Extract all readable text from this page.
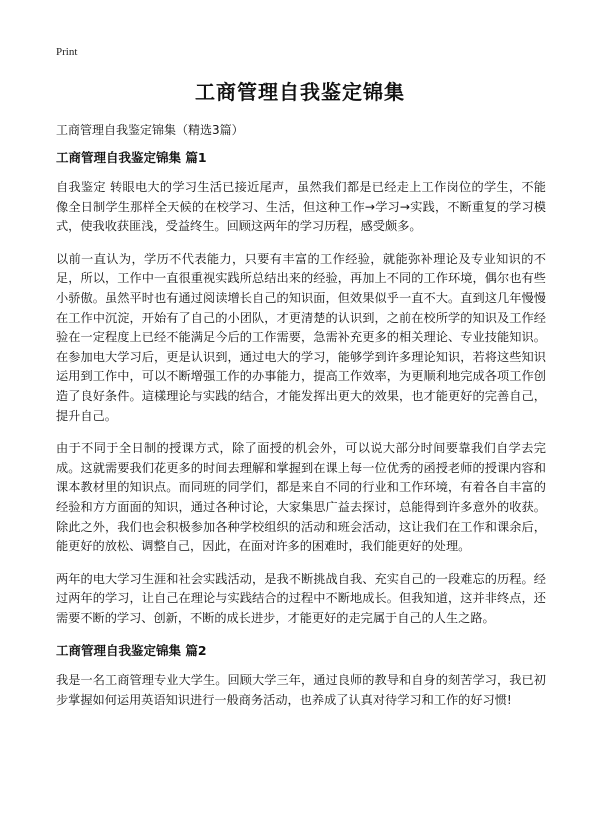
Print
工商管理自我鉴定锦集
工商管理自我鉴定锦集（精选3篇）
工商管理自我鉴定锦集 篇1

自我鉴定 转眼电大的学习生活已接近尾声，虽然我们都是已经走上工作岗位的学生，不能像全日制学生那样全天候的在校学习、生活，但这种工作→学习→实践，不断重复的学习模式，使我收获匪浅，受益终生。回顾这两年的学习历程，感受颇多。

以前一直认为，学历不代表能力，只要有丰富的工作经验，就能弥补理论及专业知识的不足，所以，工作中一直很重视实践所总结出来的经验，再加上不同的工作环境，偶尔也有些小骄傲。虽然平时也有通过阅读增长自己的知识面，但效果似乎一直不大。直到这几年慢慢在工作中沉淀，开始有了自己的小团队，才更清楚的认识到，之前在校所学的知识及工作经验在一定程度上已经不能满足今后的工作需要，急需补充更多的相关理论、专业技能知识。在参加电大学习后，更是认识到，通过电大的学习，能够学到许多理论知识，若将这些知识运用到工作中，可以不断增强工作的办事能力，提高工作效率，为更顺利地完成各项工作创造了良好条件。這樣理论与实践的结合，才能发挥出更大的效果，也才能更好的完善自己，提升自己。

由于不同于全日制的授课方式，除了面授的机会外，可以说大部分时间要靠我们自学去完成。这就需要我们花更多的时间去理解和掌握到在课上每一位优秀的函授老师的授课内容和课本教材里的知识点。而同班的同学们，都是来自不同的行业和工作环境，有着各自丰富的经验和方方面面的知识，通过各种讨论，大家集思广益去探讨，总能得到许多意外的收获。除此之外，我们也会积极参加各种学校组织的活动和班会活动，这让我们在工作和课余后，能更好的放松、调整自己，因此，在面对许多的困难时，我们能更好的处理。

两年的电大学习生涯和社会实践活动，是我不断挑战自我、充实自己的一段难忘的历程。经过两年的学习，让自己在理论与实践结合的过程中不断地成长。但我知道，这并非终点，还需要不断的学习、创新，不断的成长进步，才能更好的走完属于自己的人生之路。

工商管理自我鉴定锦集 篇2

我是一名工商管理专业大学生。回顾大学三年，通过良师的教导和自身的刻苦学习，我已初步掌握如何运用英语知识进行一般商务活动，也养成了认真对待学习和工作的好习惯!
